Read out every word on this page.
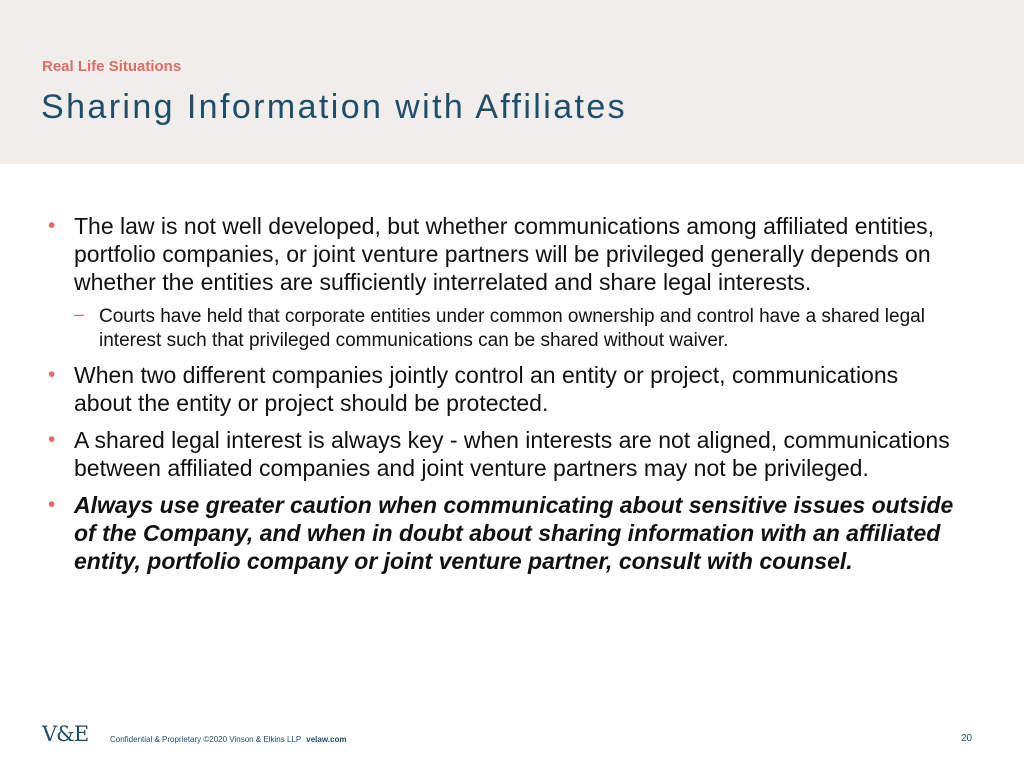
Real Life Situations
Sharing Information with Affiliates
• The law is not well developed, but whether communications among affiliated entities, portfolio companies, or joint venture partners will be privileged generally depends on whether the entities are sufficiently interrelated and share legal interests.
– Courts have held that corporate entities under common ownership and control have a shared legal interest such that privileged communications can be shared without waiver.
• When two different companies jointly control an entity or project, communications about the entity or project should be protected.
• A shared legal interest is always key - when interests are not aligned, communications between affiliated companies and joint venture partners may not be privileged.
• Always use greater caution when communicating about sensitive issues outside of the Company, and when in doubt about sharing information with an affiliated entity, portfolio company or joint venture partner, consult with counsel.
V&E	Confidential & Proprietary ©2020 Vinson & Elkins LLP velaw.com	20
